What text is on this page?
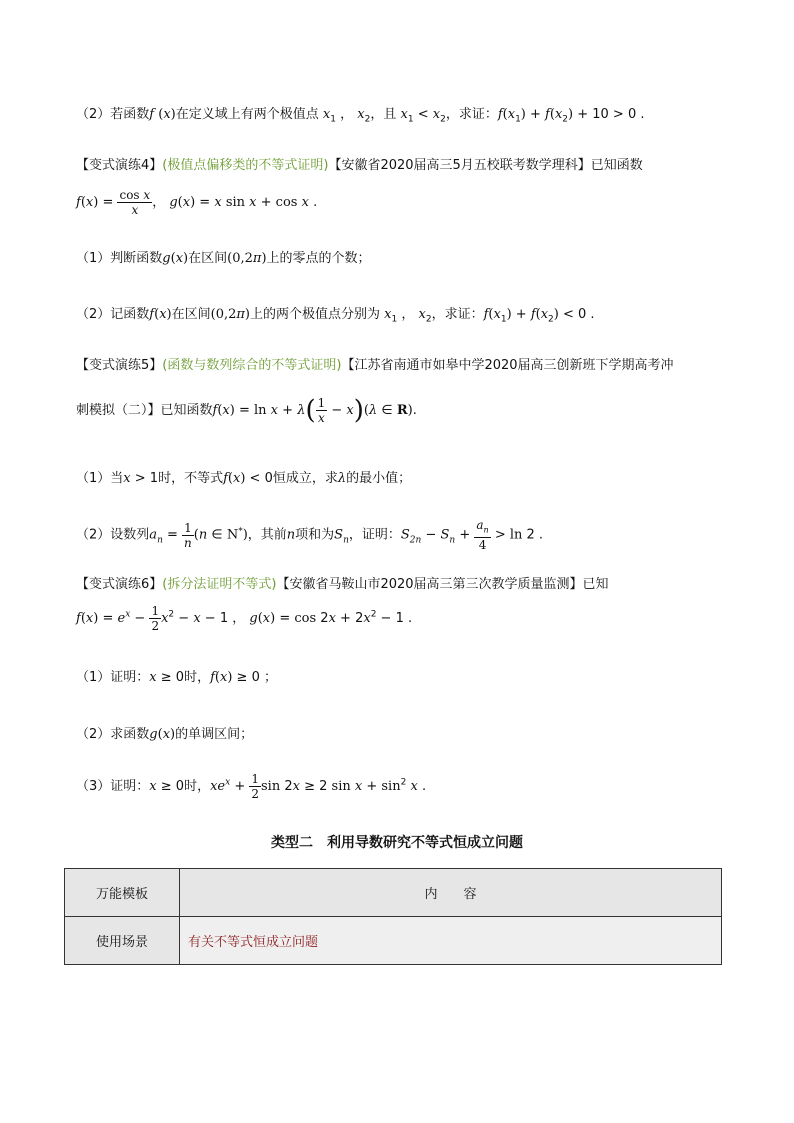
（2）若函数f (x)在定义域上有两个极值点 $x_1$ ， $x_2$，且 $x_1 < x_2$，求证：$f(x_1) + f(x_2) + 10 > 0$ .
【变式演练4】(极值点偏移类的不等式证明)【安徽省2020届高三5月五校联考数学理科】已知函数
$f(x) = \frac{\text{cos x}}{x}$ ， g(x) = x sin x + cos x .
（1）判断函数g(x)在区间(0,2π)上的零点的个数；
（2）记函数f(x)在区间(0,2π)上的两个极值点分别为 $x_1$ ， $x_2$，求证：$f(x_1) + f(x_2) < 0$ .
【变式演练5】(函数与数列综合的不等式证明)【江苏省南通市如皋中学2020届高三创新班下学期高考冲
刺模拟（二）】已知函数$f(x) = \ln x + \lambda( \frac{1}{x} - x)(\lambda$ ∈ R).
（1）当x > 1时，不等式f(x) < 0恒成立，求λ的最小值；
（2）设数列$a_n = \frac{1}{n} (n$ ∈ N*)，其前n项和为$S_n$，证明：$S_{2n} - S_n + \frac{a_n}{4} > \ln 2$ .
【变式演练6】(拆分法证明不等式)【安徽省马鞍山市2020届高三第三次教学质量监测】已知
$f(x) = e^x - \frac{1}{2} x^2 - x - 1$ ， $g(x) = \cos 2x + 2x^2 - 1$ .
（1）证明：x ≥ 0时，f(x) ≥ 0 ；
（2）求函数g(x)的单调区间；
（3）证明：x ≥ 0时，$xe^x + \frac{1}{2}$ sin 2x ≥ 2 $\sin x + \sin^2 x$ .
类型二　利用导数研究不等式恒成立问题
万能模板	内　　容
使用场景	有关不等式恒成立问题
